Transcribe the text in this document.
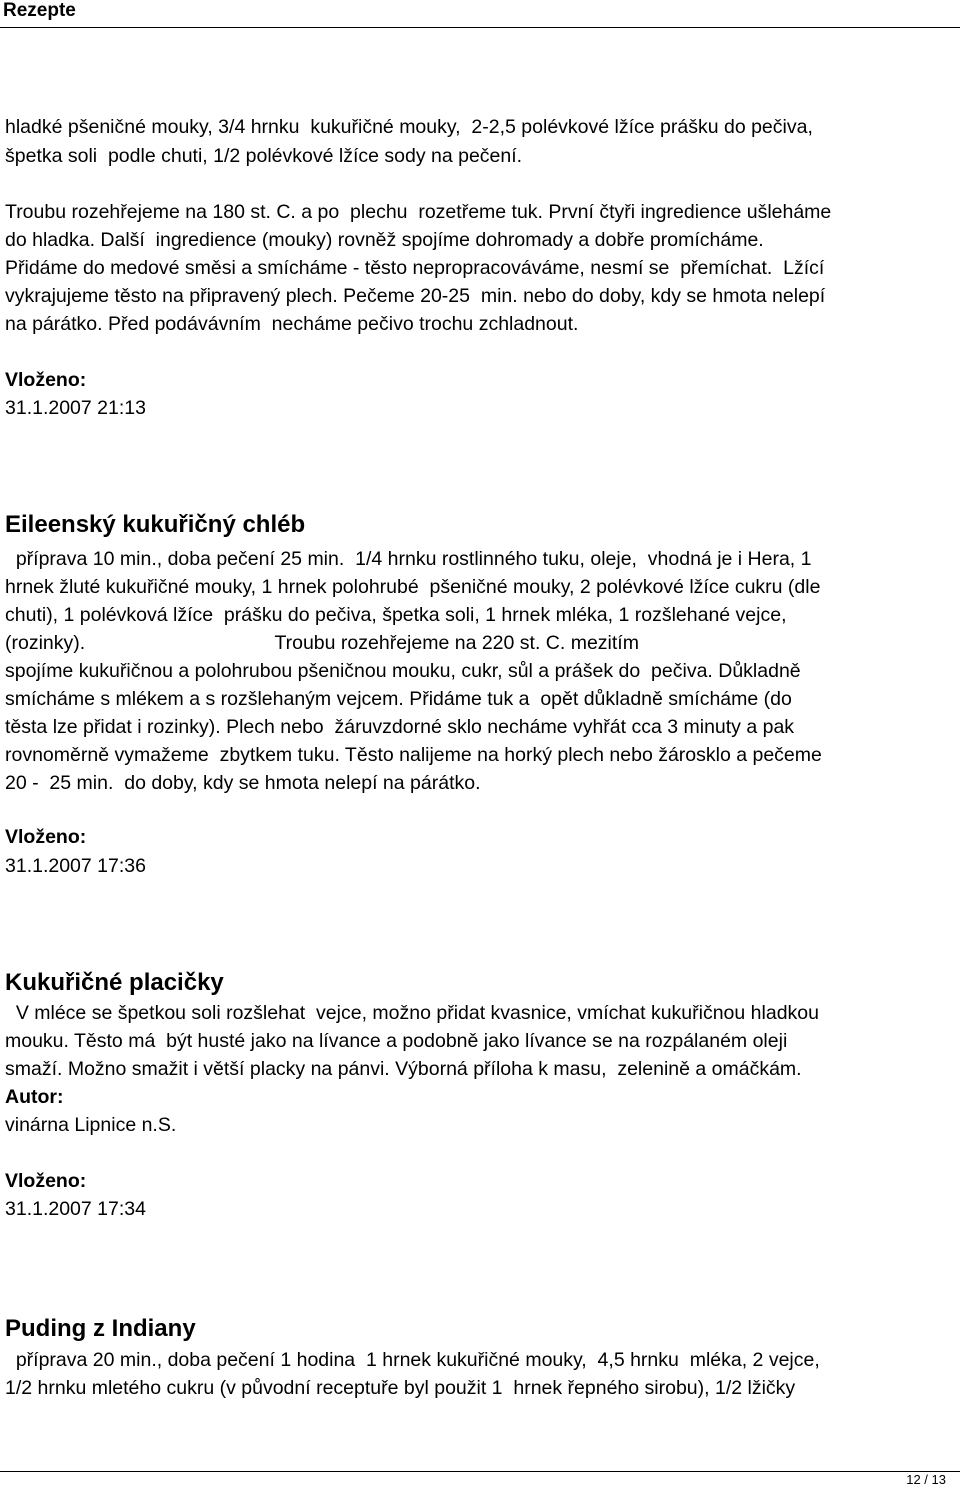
Rezepte
hladké pšeničné mouky, 3/4 hrnku  kukuřičné mouky,  2-2,5 polévkové lžíce prášku do pečiva,
špetka soli  podle chuti, 1/2 polévkové lžíce sody na pečení.
Troubu rozehřejeme na 180 st. C. a po  plechu  rozetřeme tuk. První čtyři ingredience ušleháme
do hladka. Další  ingredience (mouky) rovněž spojíme dohromady a dobře promícháme.
Přidáme do medové směsi a smícháme - těsto nepropracováváme, nesmí se  přemíchat.  Lžící
vykrajujeme těsto na připravený plech. Pečeme 20-25  min. nebo do doby, kdy se hmota nelepí
na párátko. Před podávávním  necháme pečivo trochu zchladnout.
Vloženo:
31.1.2007 21:13
Eileenský kukuřičný chléb
příprava 10 min., doba pečení 25 min.  1/4 hrnku rostlinného tuku, oleje,  vhodná je i Hera, 1
hrnek žluté kukuřičné mouky, 1 hrnek polohrubé  pšeničné mouky, 2 polévkové lžíce cukru (dle
chuti), 1 polévková lžíce  prášku do pečiva, špetka soli, 1 hrnek mléka, 1 rozšlehané vejce,
(rozinky).                                   Troubu rozehřejeme na 220 st. C. mezitím
spojíme kukuřičnou a polohrubou pšeničnou mouku, cukr, sůl a prášek do  pečiva. Důkladně
smícháme s mlékem a s rozšlehaným vejcem. Přidáme tuk a  opět důkladně smícháme (do
těsta lze přidat i rozinky). Plech nebo  žáruvzdorné sklo necháme vyhřát cca 3 minuty a pak
rovnoměrně vymažeme  zbytkem tuku. Těsto nalijeme na horký plech nebo žárosklo a pečeme
20 -  25 min.  do doby, kdy se hmota nelepí na párátko.
Vloženo:
31.1.2007 17:36
Kukuřičné placičky
V mléce se špetkou soli rozšlehat  vejce, možno přidat kvasnice, vmíchat kukuřičnou hladkou
mouku. Těsto má  být husté jako na lívance a podobně jako lívance se na rozpálaném oleji
smaží. Možno smažit i větší placky na pánvi. Výborná příloha k masu,  zelenině a omáčkám.
Autor:
vinárna Lipnice n.S.
Vloženo:
31.1.2007 17:34
Puding z Indiany
příprava 20 min., doba pečení 1 hodina  1 hrnek kukuřičné mouky,  4,5 hrnku  mléka, 2 vejce,
1/2 hrnku mletého cukru (v původní receptuře byl použit 1  hrnek řepného sirobu), 1/2 lžičky
12 / 13
